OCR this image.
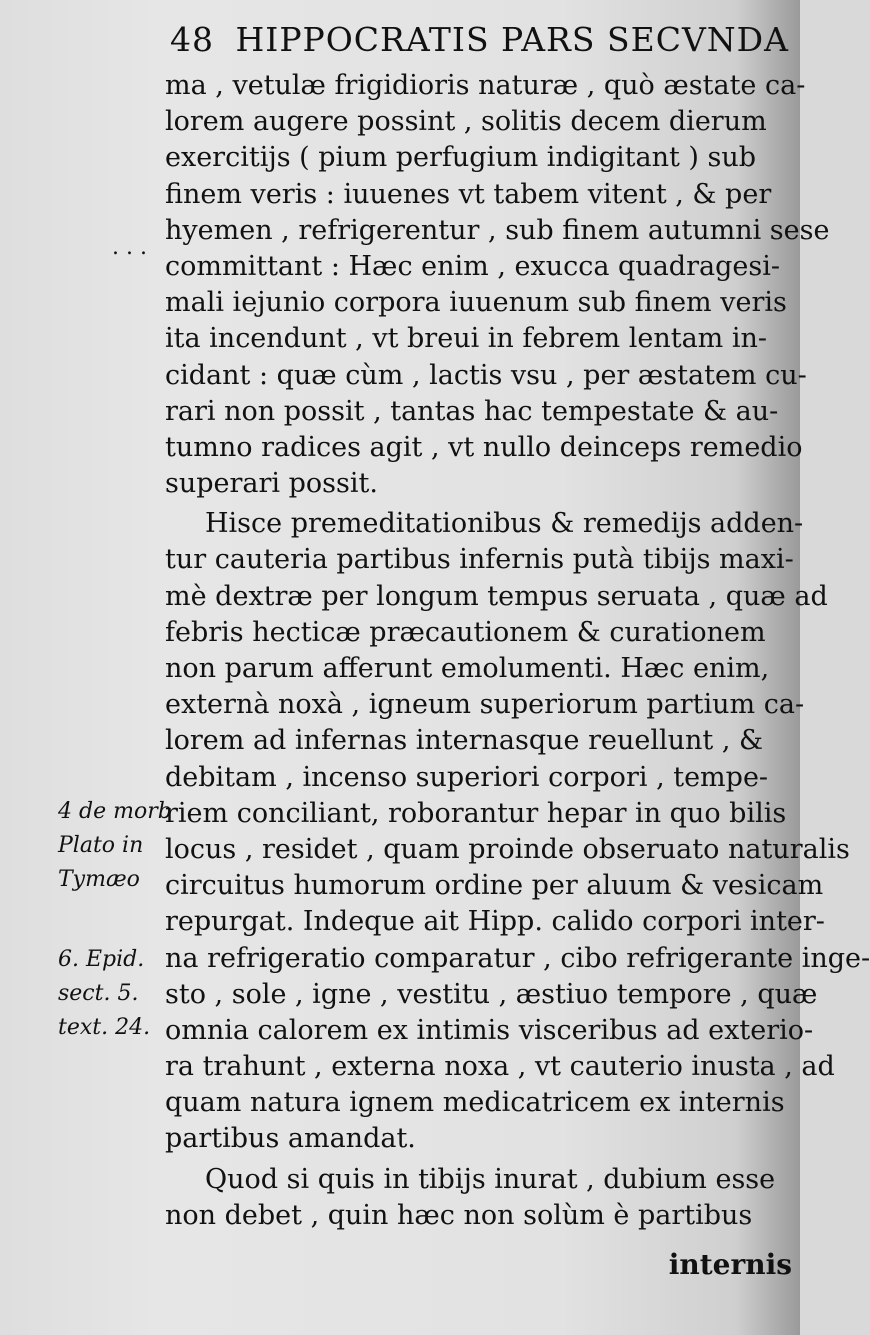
48 HIPPOCRATIS PARS SECVNDA
. . .
ma , vetulæ frigidioris naturæ , quò æstate ca-
lorem augere possint , solitis decem dierum
exercitijs ( pium perfugium indigitant ) sub
finem veris : iuuenes vt tabem vitent , & per
hyemen , refrigerentur , sub finem autumni sese
committant : Hæc enim , exucca quadragesi-
mali iejunio corpora iuuenum sub finem veris
ita incendunt , vt breui in febrem lentam in-
cidant : quæ cùm , lactis vsu , per æstatem cu-
rari non possit , tantas hac tempestate & au-
tumno radices agit , vt nullo deinceps remedio
superari possit.
Hisce premeditationibus & remedijs adden-
tur cauteria partibus infernis putà tibijs maxi-
mè dextræ per longum tempus seruata , quæ ad
febris hecticæ præcautionem & curationem
non parum afferunt emolumenti. Hæc enim,
externà noxà , igneum superiorum partium ca-
lorem ad infernas internasque reuellunt , &
debitam , incenso superiori corpori , tempe-
riem conciliant, roborantur hepar in quo bilis
locus , residet , quam proinde obseruato naturalis
circuitus humorum ordine per aluum & vesicam
repurgat. Indeque ait Hipp. calido corpori inter-
na refrigeratio comparatur , cibo refrigerante inge-
sto , sole , igne , vestitu , æstiuo tempore , quæ
omnia calorem ex intimis visceribus ad exterio-
ra trahunt , externa noxa , vt cauterio inusta , ad
quam natura ignem medicatricem ex internis
partibus amandat.
Quod si quis in tibijs inurat , dubium esse
non debet , quin hæc non solùm è partibus
4 de morb
Plato in
Tymæo
6. Epid.
sect. 5.
text. 24.
internis
